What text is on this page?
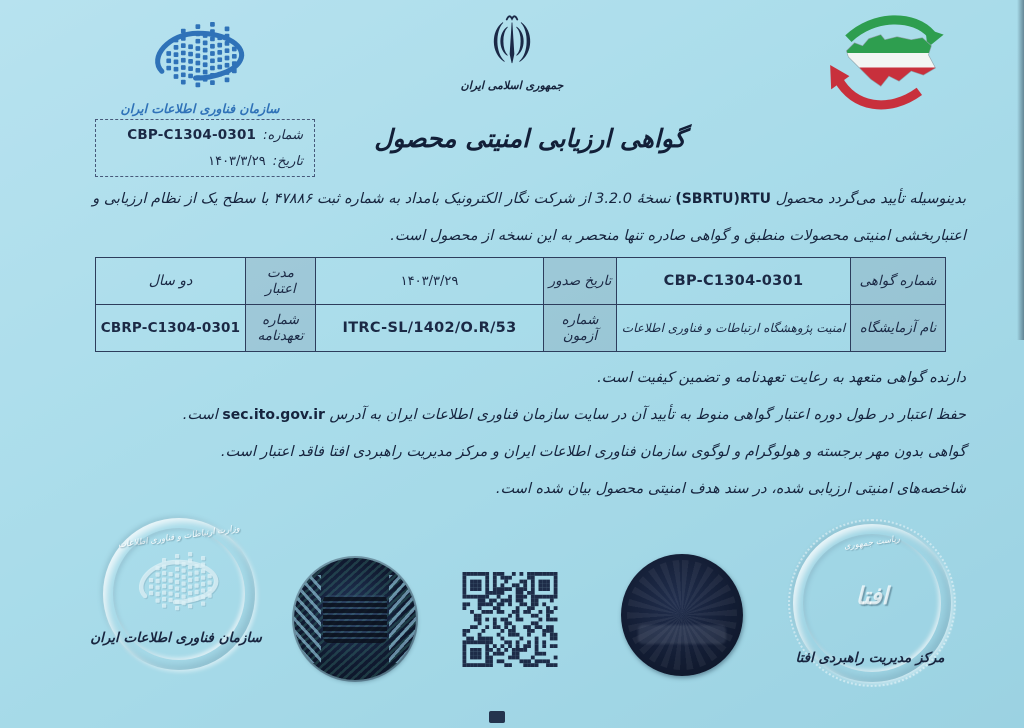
سازمان فناوری اطلاعات ایران
جمهوری اسلامی ایران
شماره:
CBP-C1304-0301
تاریخ:
۱۴۰۳/۳/۲۹
گواهی ارزیابی امنیتی محصول
بدینوسیله تأیید می‌گردد محصول (SBRTU)RTU نسخۀ 3.2.0 از شرکت نگار الکترونیک بامداد به شماره ثبت ۴۷۸۸۶ با سطح یک از نظام ارزیابی و اعتباربخشی امنیتی محصولات منطبق و گواهی صادره تنها منحصر به این نسخه از محصول است.
شماره گواهی	CBP-C1304-0301	تاریخ صدور	۱۴۰۳/۳/۲۹	مدت اعتبار	دو سال
نام آزمایشگاه	امنیت پژوهشگاه ارتباطات و فناوری اطلاعات	شماره آزمون	ITRC-SL/1402/O.R/53	شماره تعهدنامه	CBRP-C1304-0301
دارنده گواهی متعهد به رعایت تعهدنامه و تضمین کیفیت است.
حفظ اعتبار در طول دوره اعتبار گواهی منوط به تأیید آن در سایت سازمان فناوری اطلاعات ایران به آدرس sec.ito.gov.ir است.
گواهی بدون مهر برجسته و هولوگرام و لوگوی سازمان فناوری اطلاعات ایران و مرکز مدیریت راهبردی افتا فاقد اعتبار است.
شاخصه‌های امنیتی ارزیابی شده، در سند هدف امنیتی محصول بیان شده است.
وزارت ارتباطات و فناوری اطلاعات
سازمان فناوری اطلاعات ایران
ریاست جمهوری
افتا
مرکز مدیریت راهبردی افتا
